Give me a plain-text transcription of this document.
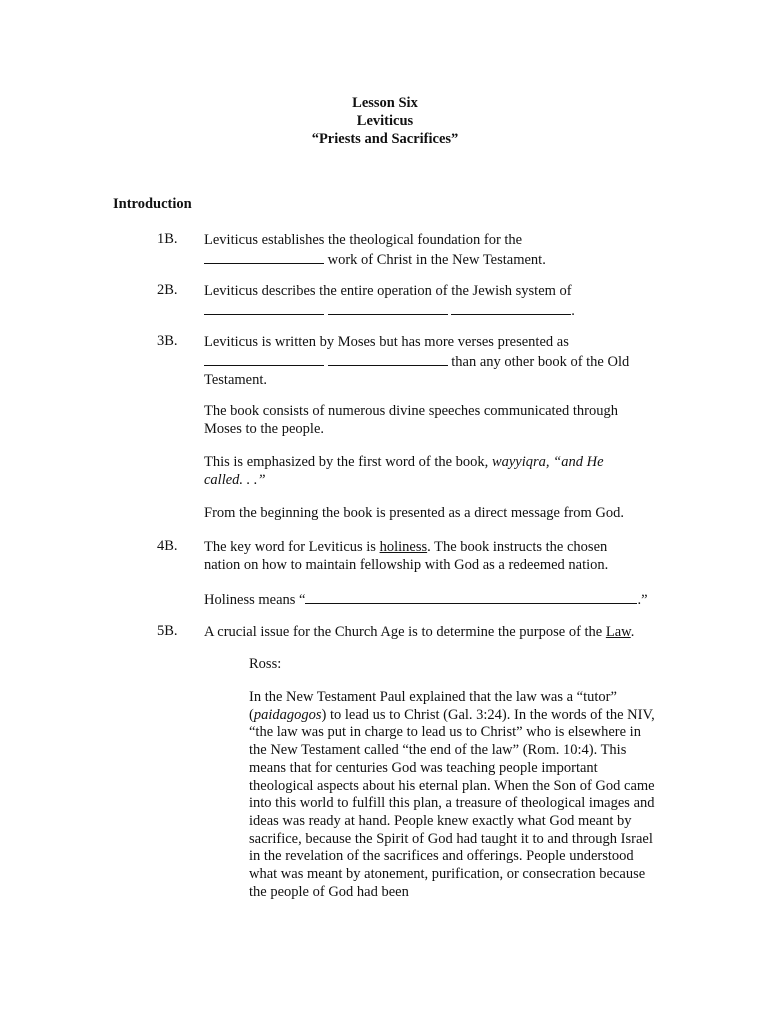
Lesson Six
Leviticus
“Priests and Sacrifices”
Introduction
1B. Leviticus establishes the theological foundation for the
work of Christ in the New Testament.
2B. Leviticus describes the entire operation of the Jewish system of
.
3B. Leviticus is written by Moses but has more verses presented as
than any other book of the Old
Testament.
The book consists of numerous divine speeches communicated through Moses to the people.
This is emphasized by the first word of the book, wayyiqra, “and He called. . .”
From the beginning the book is presented as a direct message from God.
4B. The key word for Leviticus is holiness. The book instructs the chosen nation on how to maintain fellowship with God as a redeemed nation.
Holiness means “	.”
5B. A crucial issue for the Church Age is to determine the purpose of the Law.
Ross:
In the New Testament Paul explained that the law was a “tutor” (paidagogos) to lead us to Christ (Gal. 3:24). In the words of the NIV, “the law was put in charge to lead us to Christ” who is elsewhere in the New Testament called “the end of the law” (Rom. 10:4). This means that for centuries God was teaching people important theological aspects about his eternal plan. When the Son of God came into this world to fulfill this plan, a treasure of theological images and ideas was ready at hand. People knew exactly what God meant by sacrifice, because the Spirit of God had taught it to and through Israel in the revelation of the sacrifices and offerings. People understood what was meant by atonement, purification, or consecration because the people of God had been
